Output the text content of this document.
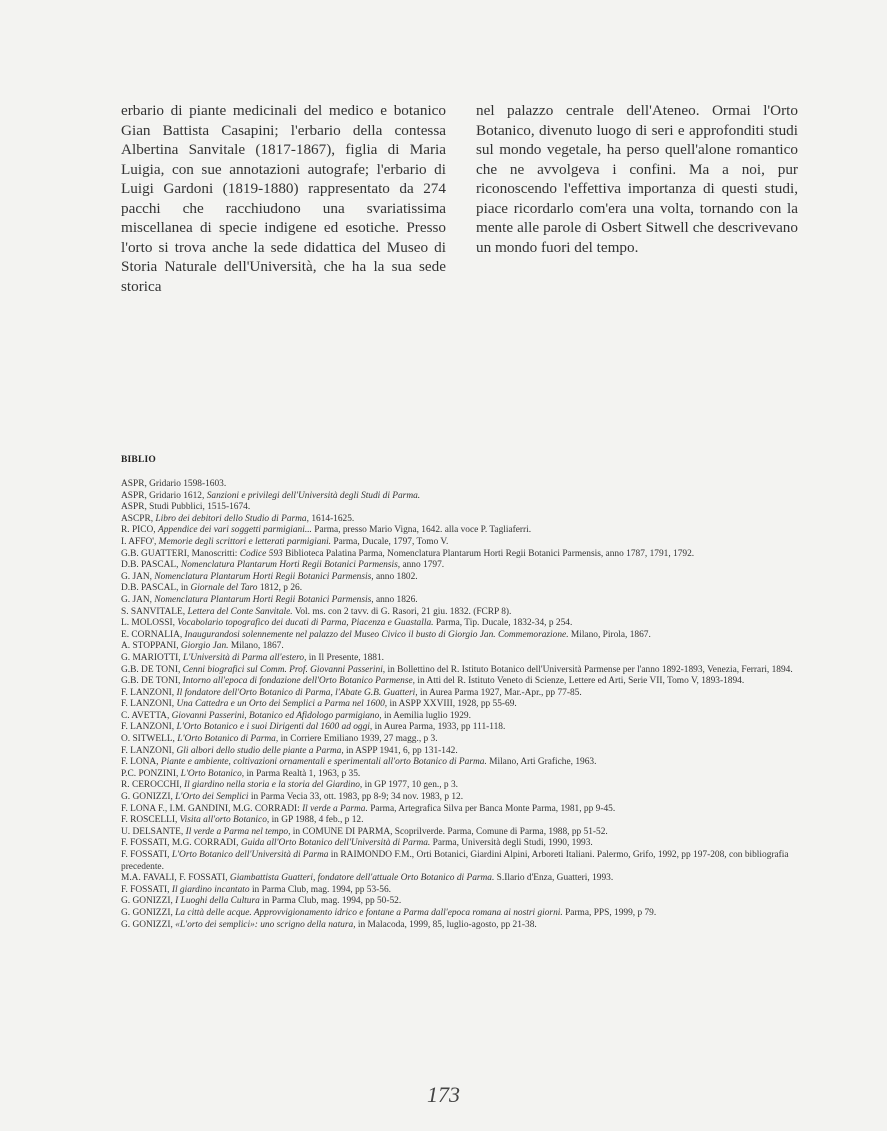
erbario di piante medicinali del medico e botanico Gian Battista Casapini; l'erbario della contessa Albertina Sanvitale (1817-1867), figlia di Maria Luigia, con sue annotazioni autografe; l'erbario di Luigi Gardoni (1819-1880) rappresentato da 274 pacchi che racchiudono una svariatissima miscellanea di specie indigene ed esotiche. Presso l'orto si trova anche la sede didattica del Museo di Storia Naturale dell'Università, che ha la sua sede storica

nel palazzo centrale dell'Ateneo. Ormai l'Orto Botanico, divenuto luogo di seri e approfonditi studi sul mondo vegetale, ha perso quell'alone romantico che ne avvolgeva i confini. Ma a noi, pur riconoscendo l'effettiva importanza di questi studi, piace ricordarlo com'era una volta, tornando con la mente alle parole di Osbert Sitwell che descrivevano un mondo fuori del tempo.

BIBLIO
ASPR, Gridario 1598-1603.
ASPR, Gridario 1612, Sanzioni e privilegi dell'Università degli Studi di Parma.
ASPR, Studi Pubblici, 1515-1674.
ASCPR, Libro dei debitori dello Studio di Parma, 1614-1625.
R. PICO, Appendice dei vari soggetti parmigiani... Parma, presso Mario Vigna, 1642. alla voce P. Tagliaferri.
I. AFFO', Memorie degli scrittori e letterati parmigiani. Parma, Ducale, 1797, Tomo V.
G.B. GUATTERI, Manoscritti: Codice 593 Biblioteca Palatina Parma, Nomenclatura Plantarum Horti Regii Botanici Parmensis, anno 1787, 1791, 1792.
D.B. PASCAL, Nomenclatura Plantarum Horti Regii Botanici Parmensis, anno 1797.
G. JAN, Nomenclatura Plantarum Horti Regii Botanici Parmensis, anno 1802.
D.B. PASCAL, in Giornale del Taro 1812, p 26.
G. JAN, Nomenclatura Plantarum Horti Regii Botanici Parmensis, anno 1826.
S. SANVITALE, Lettera del Conte Sanvitale. Vol. ms. con 2 tavv. di G. Rasori, 21 giu. 1832. (FCRP 8).
L. MOLOSSI, Vocabolario topografico dei ducati di Parma, Piacenza e Guastalla. Parma, Tip. Ducale, 1832-34, p 254.
E. CORNALIA, Inaugurandosi solennemente nel palazzo del Museo Civico il busto di Giorgio Jan. Commemorazione. Milano, Pirola, 1867.
A. STOPPANI, Giorgio Jan. Milano, 1867.
G. MARIOTTI, L'Università di Parma all'estero, in Il Presente, 1881.
G.B. DE TONI, Cenni biografici sul Comm. Prof. Giovanni Passerini, in Bollettino del R. Istituto Botanico dell'Università Parmense per l'anno 1892-1893, Venezia, Ferrari, 1894.
G.B. DE TONI, Intorno all'epoca di fondazione dell'Orto Botanico Parmense, in Atti del R. Istituto Veneto di Scienze, Lettere ed Arti, Serie VII, Tomo V, 1893-1894.
F. LANZONI, Il fondatore dell'Orto Botanico di Parma, l'Abate G.B. Guatteri, in Aurea Parma 1927, Mar.-Apr., pp 77-85.
F. LANZONI, Una Cattedra e un Orto dei Semplici a Parma nel 1600, in ASPP XXVIII, 1928, pp 55-69.
C. AVETTA, Giovanni Passerini, Botanico ed Afidologo parmigiano, in Aemilia luglio 1929.
F. LANZONI, L'Orto Botanico e i suoi Dirigenti dal 1600 ad oggi, in Aurea Parma, 1933, pp 111-118.
O. SITWELL, L'Orto Botanico di Parma, in Corriere Emiliano 1939, 27 magg., p 3.
F. LANZONI, Gli albori dello studio delle piante a Parma, in ASPP 1941, 6, pp 131-142.
F. LONA, Piante e ambiente, coltivazioni ornamentali e sperimentali all'orto Botanico di Parma. Milano, Arti Grafiche, 1963.
P.C. PONZINI, L'Orto Botanico, in Parma Realtà 1, 1963, p 35.
R. CEROCCHI, Il giardino nella storia e la storia del Giardino, in GP 1977, 10 gen., p 3.
G. GONIZZI, L'Orto dei Semplici in Parma Vecia 33, ott. 1983, pp 8-9; 34 nov. 1983, p 12.
F. LONA F., I.M. GANDINI, M.G. CORRADI: Il verde a Parma. Parma, Artegrafica Silva per Banca Monte Parma, 1981, pp 9-45.
F. ROSCELLI, Visita all'orto Botanico, in GP 1988, 4 feb., p 12.
U. DELSANTE, Il verde a Parma nel tempo, in COMUNE DI PARMA, Scoprilverde. Parma, Comune di Parma, 1988, pp 51-52.
F. FOSSATI, M.G. CORRADI, Guida all'Orto Botanico dell'Università di Parma. Parma, Università degli Studi, 1990, 1993.
F. FOSSATI, L'Orto Botanico dell'Università di Parma in RAIMONDO F.M., Orti Botanici, Giardini Alpini, Arboreti Italiani. Palermo, Grifo, 1992, pp 197-208, con bibliografia precedente.
M.A. FAVALI, F. FOSSATI, Giambattista Guatteri, fondatore dell'attuale Orto Botanico di Parma. S.Ilario d'Enza, Guatteri, 1993.
F. FOSSATI, Il giardino incantato in Parma Club, mag. 1994, pp 53-56.
G. GONIZZI, I Luoghi della Cultura in Parma Club, mag. 1994, pp 50-52.
G. GONIZZI, La città delle acque. Approvvigionamento idrico e fontane a Parma dall'epoca romana ai nostri giorni. Parma, PPS, 1999, p 79.
G. GONIZZI, «L'orto dei semplici»: uno scrigno della natura, in Malacoda, 1999, 85, luglio-agosto, pp 21-38.
173
